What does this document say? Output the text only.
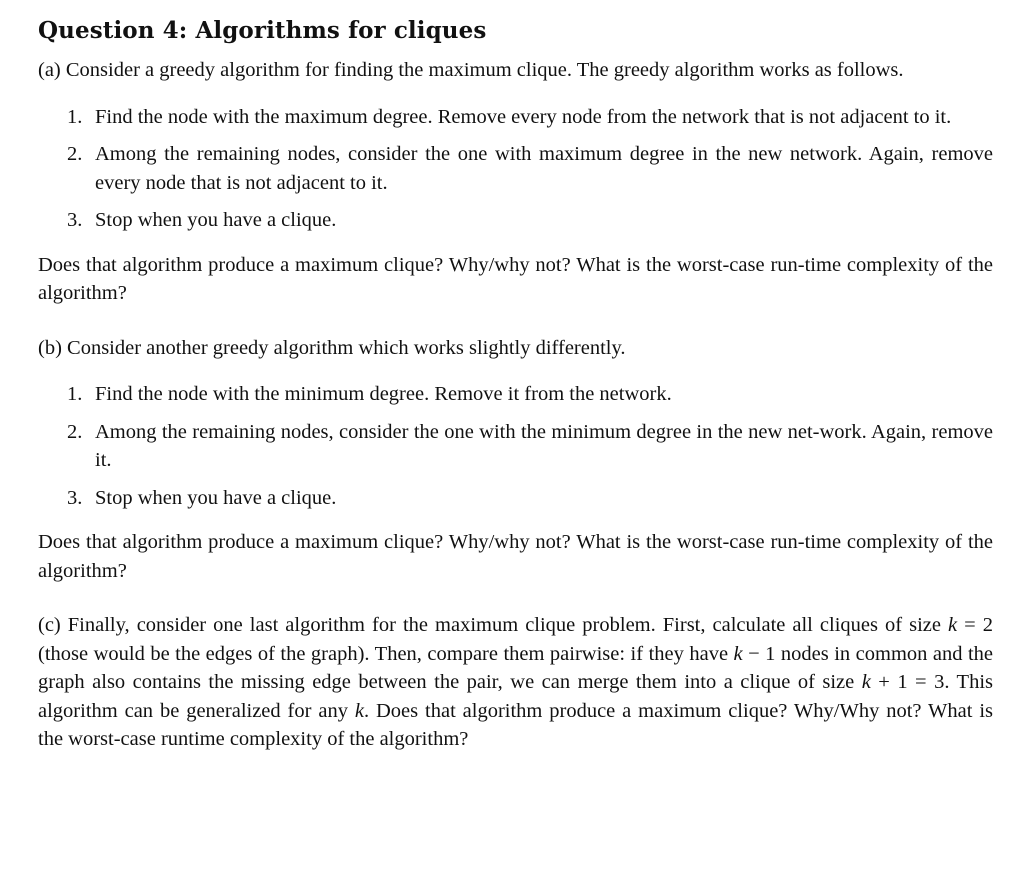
Question 4: Algorithms for cliques

(a) Consider a greedy algorithm for finding the maximum clique. The greedy algorithm works as follows.

1. Find the node with the maximum degree. Remove every node from the network that is not adjacent to it.
2. Among the remaining nodes, consider the one with maximum degree in the new network. Again, remove every node that is not adjacent to it.
3. Stop when you have a clique.

Does that algorithm produce a maximum clique? Why/why not? What is the worst-case run-time complexity of the algorithm?

(b) Consider another greedy algorithm which works slightly differently.

1. Find the node with the minimum degree. Remove it from the network.
2. Among the remaining nodes, consider the one with the minimum degree in the new net-work. Again, remove it.
3. Stop when you have a clique.

Does that algorithm produce a maximum clique? Why/why not? What is the worst-case run-time complexity of the algorithm?

(c) Finally, consider one last algorithm for the maximum clique problem. First, calculate all cliques of size k = 2 (those would be the edges of the graph). Then, compare them pairwise: if they have k − 1 nodes in common and the graph also contains the missing edge between the pair, we can merge them into a clique of size k + 1 = 3. This algorithm can be generalized for any k. Does that algorithm produce a maximum clique? Why/Why not? What is the worst-case runtime complexity of the algorithm?
